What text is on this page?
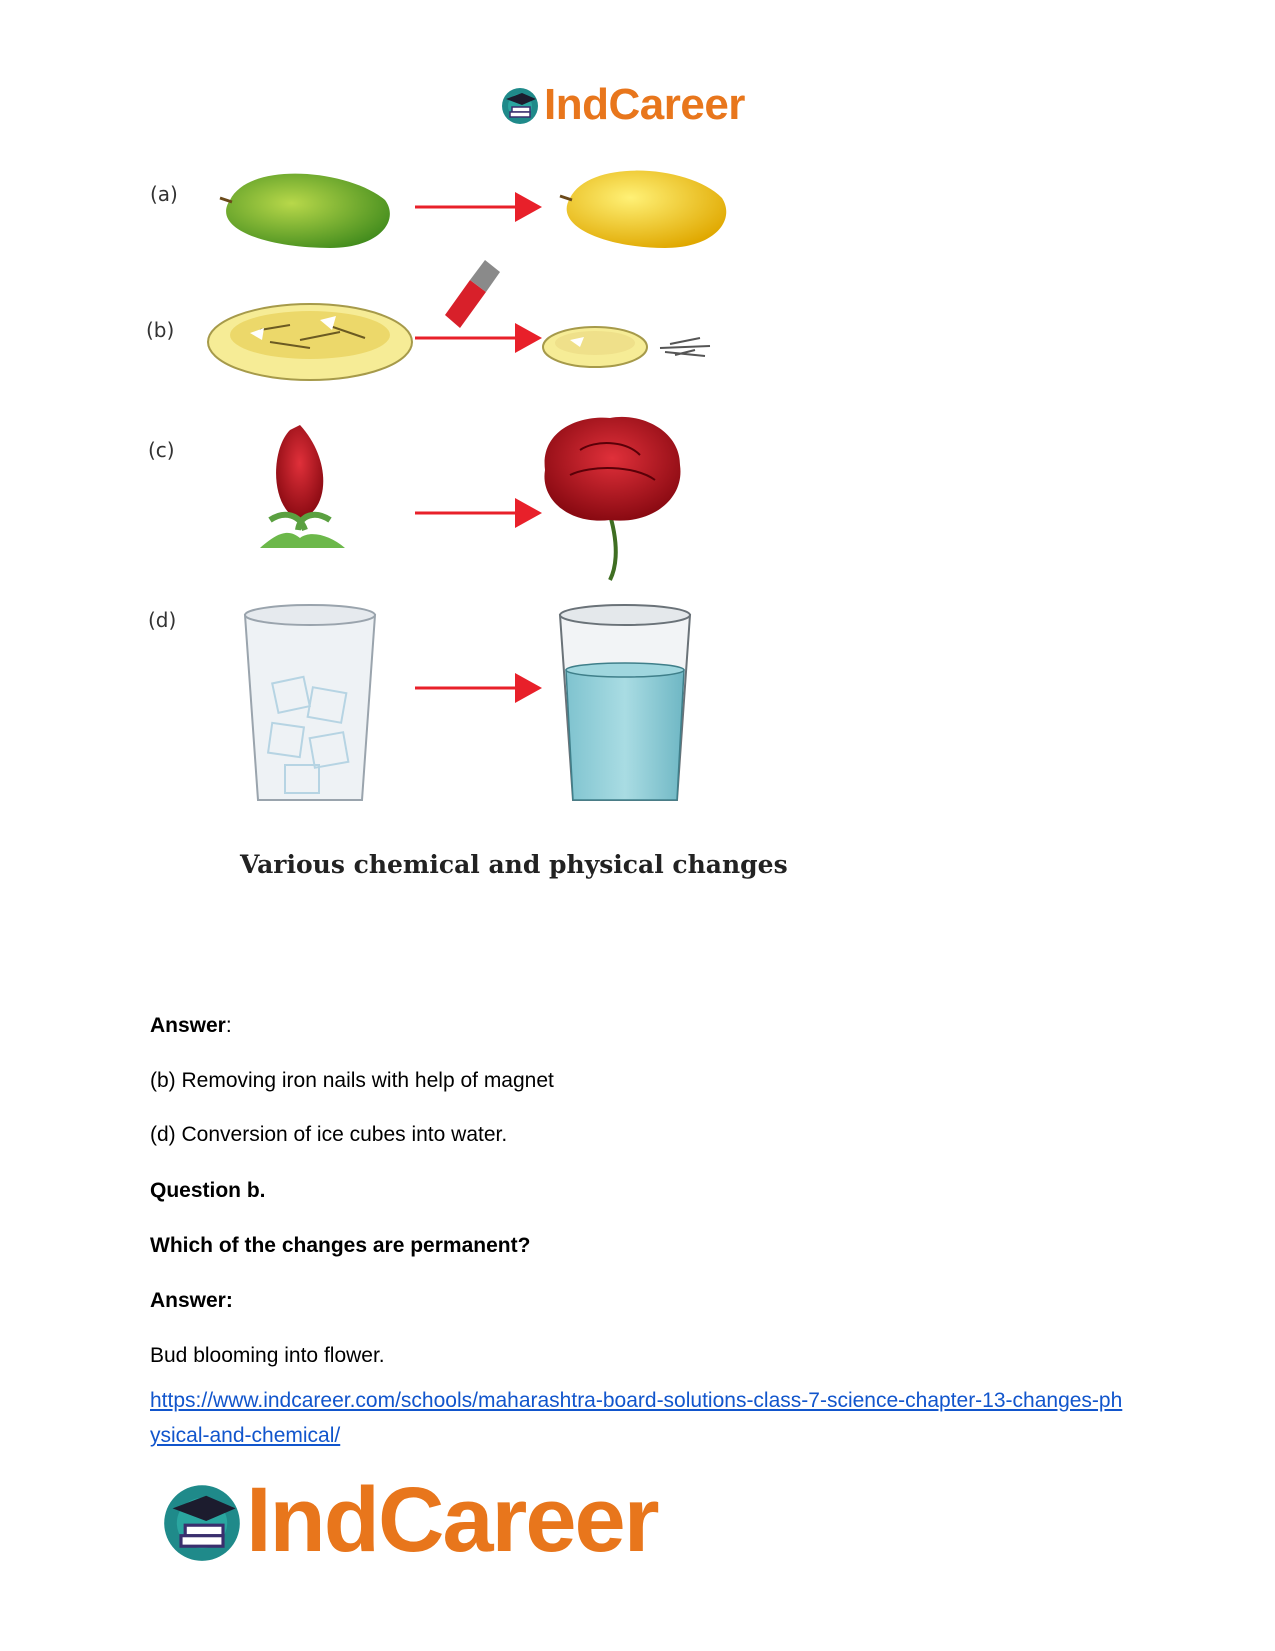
IndCareer
(a)
(b)
(c)
(d)
Various chemical and physical changes
Answer:
(b) Removing iron nails with help of magnet
(d) Conversion of ice cubes into water.
Question b.
Which of the changes are permanent?
Answer:
Bud blooming into flower.
https://www.indcareer.com/schools/maharashtra-board-solutions-class-7-science-chapter-13-changes-physical-and-chemical/
IndCareer
